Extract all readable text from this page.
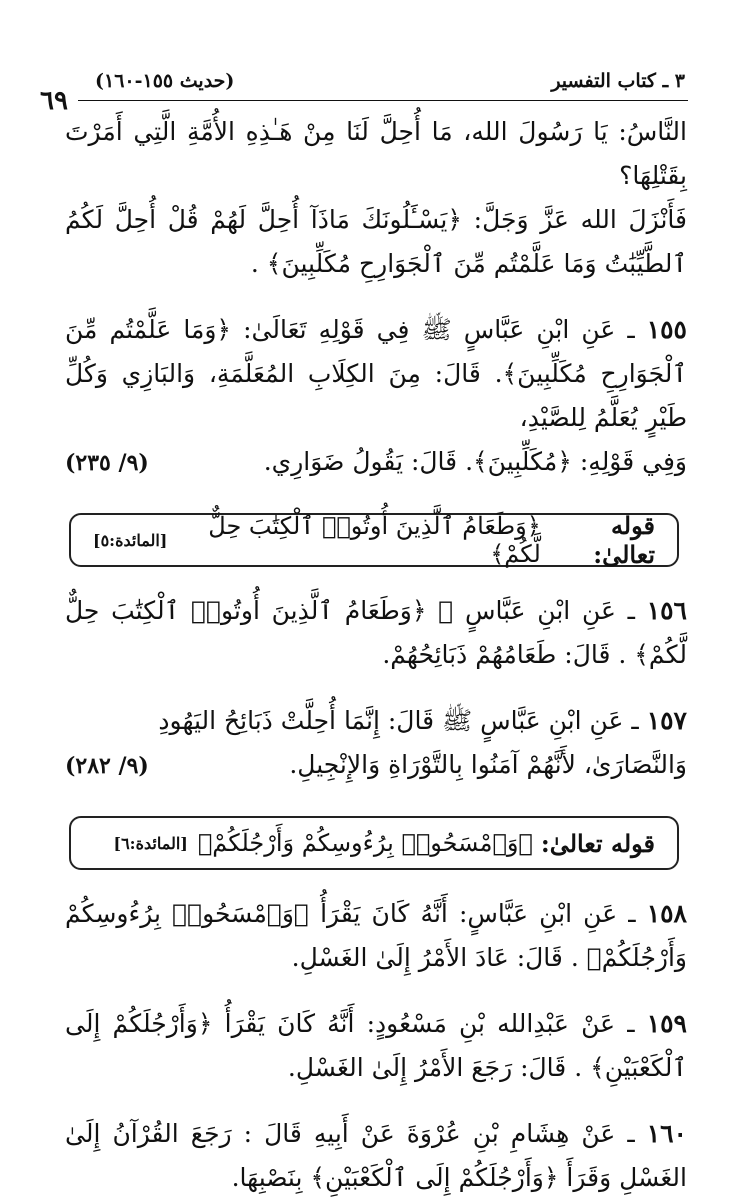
٦٩
٣ ـ كتاب التفسير
(حديث ١٥٥-١٦٠)

النَّاسُ: يَا رَسُولَ الله، مَا أُحِلَّ لَنَا مِنْ هَـٰذِهِ الأُمَّةِ الَّتِي أَمَرْتَ بِقَتْلِهَا؟

فَأَنْزَلَ الله عَزَّ وَجَلَّ: ﴿يَسْـَٔلُونَكَ مَاذَآ أُحِلَّ لَهُمْ قُلْ أُحِلَّ لَكُمُ ٱلطَّيِّبَٰتُ وَمَا عَلَّمْتُم مِّنَ ٱلْجَوَارِحِ مُكَلِّبِينَ﴾ .

١٥٥ ـ عَنِ ابْنِ عَبَّاسٍ ﷺ فِي قَوْلِهِ تَعَالَىٰ: ﴿وَمَا عَلَّمْتُم مِّنَ ٱلْجَوَارِحِ مُكَلِّبِينَ﴾. قَالَ: مِنَ الكِلَابِ المُعَلَّمَةِ، وَالبَازِي وَكُلِّ طَيْرٍ يُعَلَّمُ لِلصَّيْدِ،

وَفِي قَوْلِهِ: ﴿مُكَلِّبِينَ﴾. قَالَ: يَقُولُ ضَوَارِي.
(٩/ ٢٣٥)

قوله تعالىٰ:
﴿وَطَعَامُ ٱلَّذِينَ أُوتُوا۟ ٱلْكِتَٰبَ حِلٌّ لَّكُمْ﴾
[المائدة:٥]

١٥٦ ـ عَنِ ابْنِ عَبَّاسٍ ﷺ ﴿وَطَعَامُ ٱلَّذِينَ أُوتُوا۟ ٱلْكِتَٰبَ حِلٌّ لَّكُمْ﴾ . قَالَ: طَعَامُهُمْ ذَبَائِحُهُمْ.

١٥٧ ـ عَنِ ابْنِ عَبَّاسٍ ﷺ قَالَ: إِنَّمَا أُحِلَّتْ ذَبَائِحُ اليَهُودِ

وَالنَّصَارَىٰ، لأَنَّهُمْ آمَنُوا بِالتَّوْرَاةِ وَالإِنْجِيلِ.
(٩/ ٢٨٢)

قوله تعالىٰ:
﴿وَٱمْسَحُوا۟ بِرُءُوسِكُمْ وَأَرْجُلَكُمْ﴾
[المائدة:٦]

١٥٨ ـ عَنِ ابْنِ عَبَّاسٍ: أَنَّهُ كَانَ يَقْرَأُ ﴿وَٱمْسَحُوا۟ بِرُءُوسِكُمْ وَأَرْجُلَكُمْ﴾ . قَالَ: عَادَ الأَمْرُ إِلَىٰ الغَسْلِ.

١٥٩ ـ عَنْ عَبْدِالله بْنِ مَسْعُودٍ: أَنَّهُ كَانَ يَقْرَأُ ﴿وَأَرْجُلَكُمْ إِلَى ٱلْكَعْبَيْنِ﴾ . قَالَ: رَجَعَ الأَمْرُ إِلَىٰ الغَسْلِ.

١٦٠ ـ عَنْ هِشَامِ بْنِ عُرْوَةَ عَنْ أَبِيهِ قَالَ : رَجَعَ القُرْآنُ إِلَىٰ الغَسْلِ وَقَرَأَ ﴿وَأَرْجُلَكُمْ إِلَى ٱلْكَعْبَيْنِ﴾ بِنَصْبِهَا.
